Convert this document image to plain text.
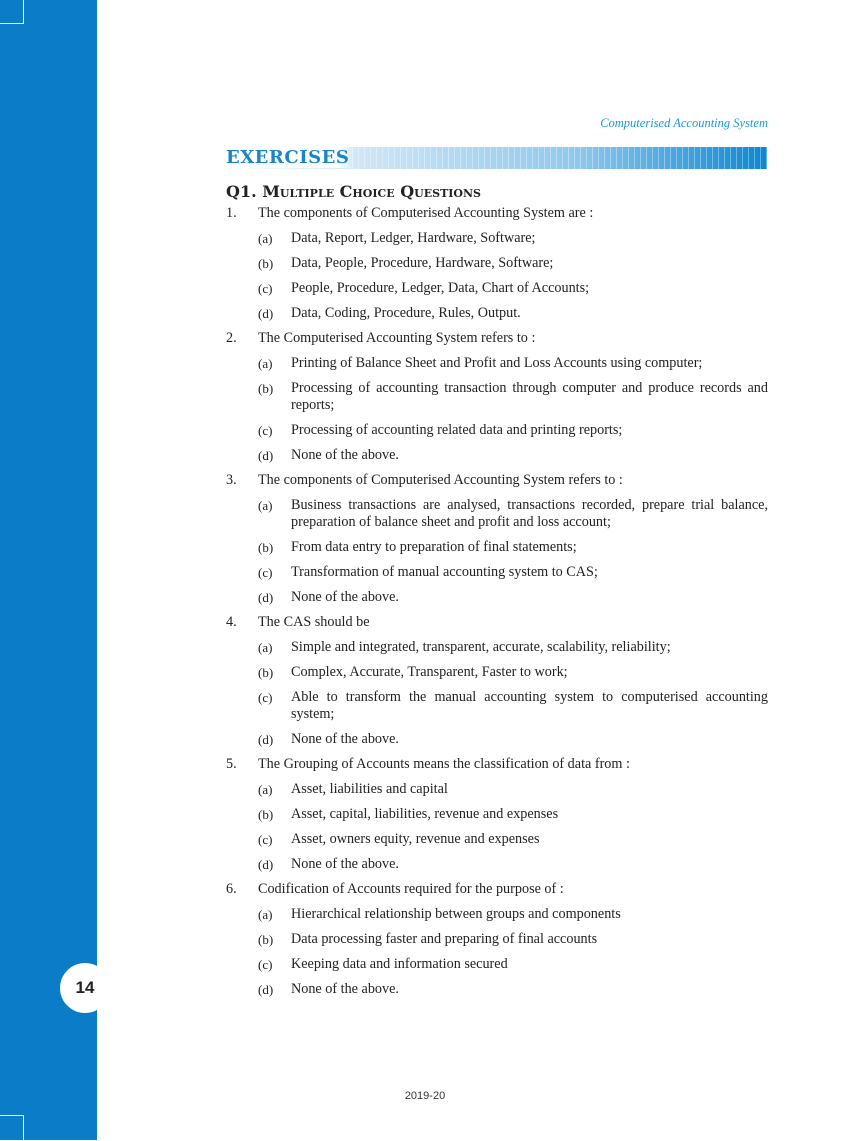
14
Computerised Accounting System
EXERCISES
Q1. Multiple Choice Questions
1.	The components of Computerised Accounting System are :
(a)	Data, Report, Ledger, Hardware, Software;
(b)	Data, People, Procedure, Hardware, Software;
(c)	People, Procedure, Ledger, Data, Chart of Accounts;
(d)	Data, Coding, Procedure, Rules, Output.
2.	The Computerised Accounting System refers to :
(a)	Printing of Balance Sheet and Profit and Loss Accounts using computer;
(b)	Processing of accounting transaction through computer and produce records and reports;
(c)	Processing of accounting related data and printing reports;
(d)	None of the above.
3.	The components of Computerised Accounting System refers to :
(a)	Business transactions are analysed, transactions recorded, prepare trial balance, preparation of balance sheet and profit and loss account;
(b)	From data entry to preparation of final statements;
(c)	Transformation of manual accounting system to CAS;
(d)	None of the above.
4.	The CAS should be
(a)	Simple and integrated, transparent, accurate, scalability, reliability;
(b)	Complex, Accurate, Transparent, Faster to work;
(c)	Able to transform the manual accounting system to computerised accounting system;
(d)	None of the above.
5.	The Grouping of Accounts means the classification of data from :
(a)	Asset, liabilities and capital
(b)	Asset, capital, liabilities, revenue and expenses
(c)	Asset, owners equity, revenue and expenses
(d)	None of the above.
6.	Codification of Accounts required for the purpose of :
(a)	Hierarchical relationship between groups and components
(b)	Data processing faster and preparing of final accounts
(c)	Keeping data and information secured
(d)	None of the above.
2019-20
